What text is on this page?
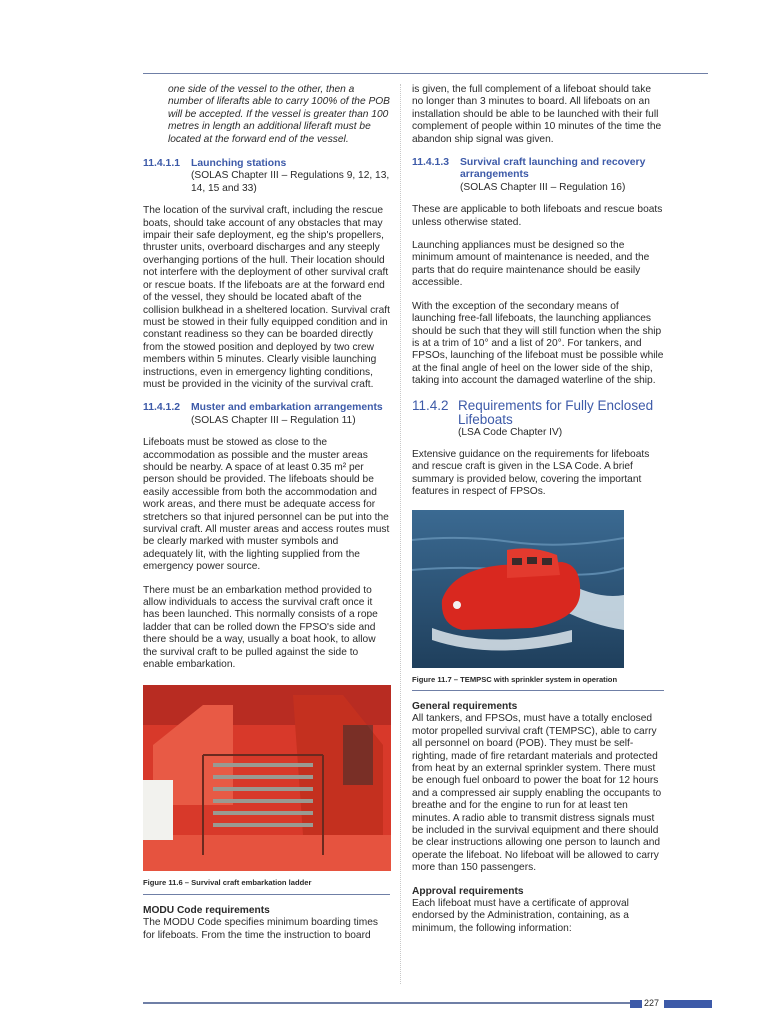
one side of the vessel to the other, then a number of liferafts able to carry 100% of the POB will be accepted. If the vessel is greater than 100 metres in length an additional liferaft must be located at the forward end of the vessel.
11.4.1.1	Launching stations
(SOLAS Chapter III – Regulations 9, 12, 13, 14, 15 and 33)
The location of the survival craft, including the rescue boats, should take account of any obstacles that may impair their safe deployment, eg the ship's propellers, thruster units, overboard discharges and any steeply overhanging portions of the hull. Their location should not interfere with the deployment of other survival craft or rescue boats. If the lifeboats are at the forward end of the vessel, they should be located abaft of the collision bulkhead in a sheltered location. Survival craft must be stowed in their fully equipped condition and in constant readiness so they can be boarded directly from the stowed position and deployed by two crew members within 5 minutes. Clearly visible launching instructions, even in emergency lighting conditions, must be provided in the vicinity of the survival craft.
11.4.1.2	Muster and embarkation arrangements
(SOLAS Chapter III – Regulation 11)
Lifeboats must be stowed as close to the accommodation as possible and the muster areas should be nearby. A space of at least 0.35 m² per person should be provided. The lifeboats should be easily accessible from both the accommodation and work areas, and there must be adequate access for stretchers so that injured personnel can be put into the survival craft. All muster areas and access routes must be clearly marked with muster symbols and adequately lit, with the lighting supplied from the emergency power source.
There must be an embarkation method provided to allow individuals to access the survival craft once it has been launched. This normally consists of a rope ladder that can be rolled down the FPSO's side and there should be a way, usually a boat hook, to allow the survival craft to be pulled against the side to enable embarkation.
Figure 11.6 – Survival craft embarkation ladder
MODU Code requirements
The MODU Code specifies minimum boarding times for lifeboats. From the time the instruction to board
is given, the full complement of a lifeboat should take no longer than 3 minutes to board. All lifeboats on an installation should be able to be launched with their full complement of people within 10 minutes of the time the abandon ship signal was given.
11.4.1.3	Survival craft launching and recovery arrangements
(SOLAS Chapter III – Regulation 16)
These are applicable to both lifeboats and rescue boats unless otherwise stated.
Launching appliances must be designed so the minimum amount of maintenance is needed, and the parts that do require maintenance should be easily accessible.
With the exception of the secondary means of launching free-fall lifeboats, the launching appliances should be such that they will still function when the ship is at a trim of 10° and a list of 20°. For tankers, and FPSOs, launching of the lifeboat must be possible while at the final angle of heel on the lower side of the ship, taking into account the damaged waterline of the ship.
11.4.2 Requirements for Fully Enclosed Lifeboats
(LSA Code Chapter IV)
Extensive guidance on the requirements for lifeboats and rescue craft is given in the LSA Code. A brief summary is provided below, covering the important features in respect of FPSOs.
Figure 11.7 – TEMPSC with sprinkler system in operation
General requirements
All tankers, and FPSOs, must have a totally enclosed motor propelled survival craft (TEMPSC), able to carry all personnel on board (POB). They must be self-righting, made of fire retardant materials and protected from heat by an external sprinkler system. There must be enough fuel onboard to power the boat for 12 hours and a compressed air supply enabling the occupants to breathe and for the engine to run for at least ten minutes. A radio able to transmit distress signals must be included in the survival equipment and there should be clear instructions allowing one person to launch and operate the lifeboat. No lifeboat will be allowed to carry more than 150 passengers.
Approval requirements
Each lifeboat must have a certificate of approval endorsed by the Administration, containing, as a minimum, the following information:
227
